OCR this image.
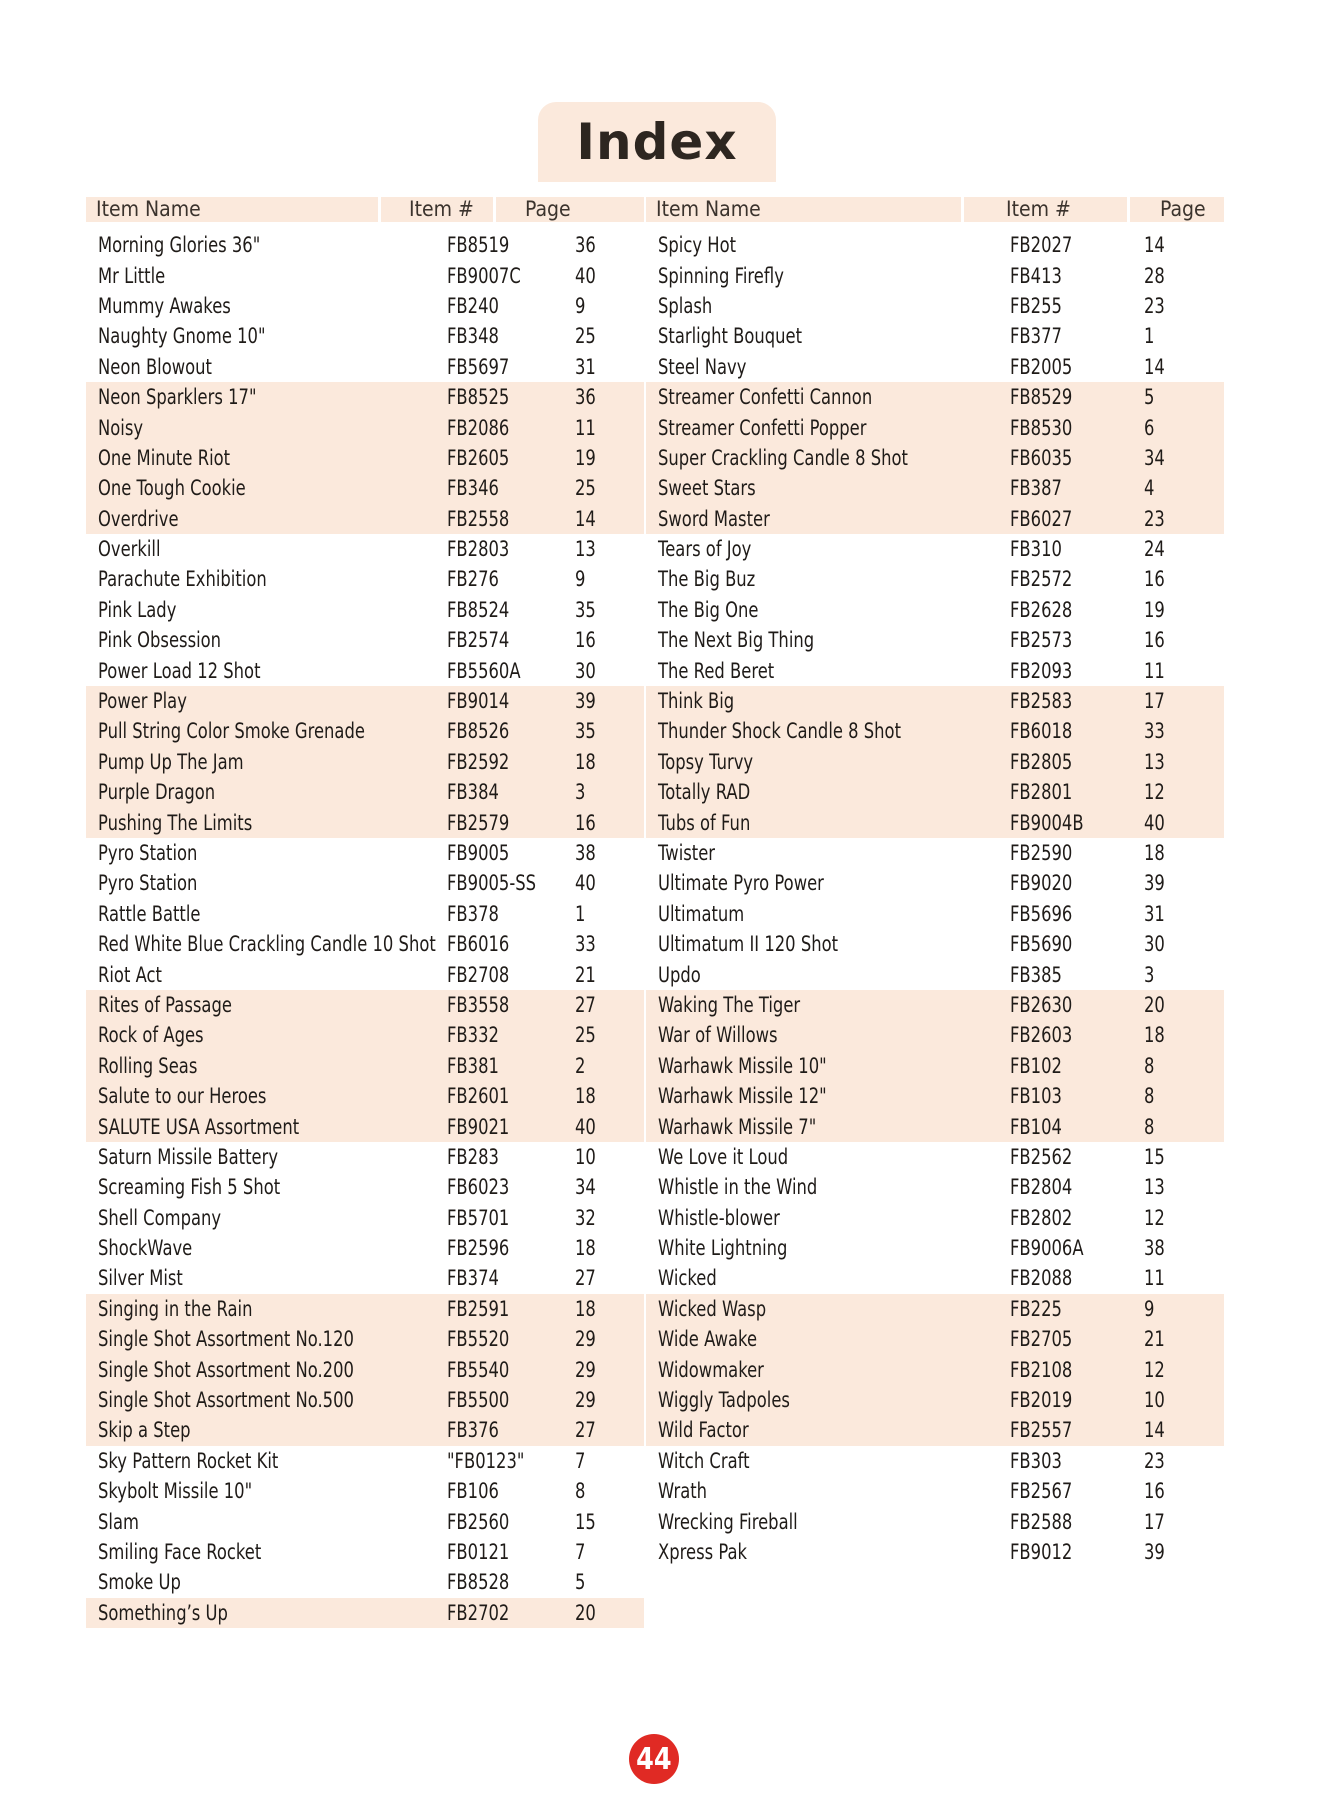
Index
Item Name	Item #	Page
Morning Glories 36"	FB8519	36
Mr Little	FB9007C	40
Mummy Awakes	FB240	9
Naughty Gnome 10"	FB348	25
Neon Blowout	FB5697	31
Neon Sparklers 17"	FB8525	36
Noisy	FB2086	11
One Minute Riot	FB2605	19
One Tough Cookie	FB346	25
Overdrive	FB2558	14
Overkill	FB2803	13
Parachute Exhibition	FB276	9
Pink Lady	FB8524	35
Pink Obsession	FB2574	16
Power Load 12 Shot	FB5560A	30
Power Play	FB9014	39
Pull String Color Smoke Grenade	FB8526	35
Pump Up The Jam	FB2592	18
Purple Dragon	FB384	3
Pushing The Limits	FB2579	16
Pyro Station	FB9005	38
Pyro Station	FB9005-SS	40
Rattle Battle	FB378	1
Red White Blue Crackling Candle 10 Shot FB6016	33
Riot Act	FB2708	21
Rites of Passage	FB3558	27
Rock of Ages	FB332	25
Rolling Seas	FB381	2
Salute to our Heroes	FB2601	18
SALUTE USA Assortment	FB9021	40
Saturn Missile Battery	FB283	10
Screaming Fish 5 Shot	FB6023	34
Shell Company	FB5701	32
ShockWave	FB2596	18
Silver Mist	FB374	27
Singing in the Rain	FB2591	18
Single Shot Assortment No.120	FB5520	29
Single Shot Assortment No.200	FB5540	29
Single Shot Assortment No.500	FB5500	29
Skip a Step	FB376	27
Sky Pattern Rocket Kit	"FB0123"	7
Skybolt Missile 10"	FB106	8
Slam	FB2560	15
Smiling Face Rocket	FB0121	7
Smoke Up	FB8528	5
Something’s Up	FB2702	20
Item Name	Item #	Page
Spicy Hot	FB2027	14
Spinning Firefly	FB413	28
Splash	FB255	23
Starlight Bouquet	FB377	1
Steel Navy	FB2005	14
Streamer Confetti Cannon	FB8529	5
Streamer Confetti Popper	FB8530	6
Super Crackling Candle 8 Shot	FB6035	34
Sweet Stars	FB387	4
Sword Master	FB6027	23
Tears of Joy	FB310	24
The Big Buz	FB2572	16
The Big One	FB2628	19
The Next Big Thing	FB2573	16
The Red Beret	FB2093	11
Think Big	FB2583	17
Thunder Shock Candle 8 Shot	FB6018	33
Topsy Turvy	FB2805	13
Totally RAD	FB2801	12
Tubs of Fun	FB9004B	40
Twister	FB2590	18
Ultimate Pyro Power	FB9020	39
Ultimatum	FB5696	31
Ultimatum II 120 Shot	FB5690	30
Updo	FB385	3
Waking The Tiger	FB2630	20
War of Willows	FB2603	18
Warhawk Missile 10"	FB102	8
Warhawk Missile 12"	FB103	8
Warhawk Missile 7"	FB104	8
We Love it Loud	FB2562	15
Whistle in the Wind	FB2804	13
Whistle-blower	FB2802	12
White Lightning	FB9006A	38
Wicked	FB2088	11
Wicked Wasp	FB225	9
Wide Awake	FB2705	21
Widowmaker	FB2108	12
Wiggly Tadpoles	FB2019	10
Wild Factor	FB2557	14
Witch Craft	FB303	23
Wrath	FB2567	16
Wrecking Fireball	FB2588	17
Xpress Pak	FB9012	39
44
